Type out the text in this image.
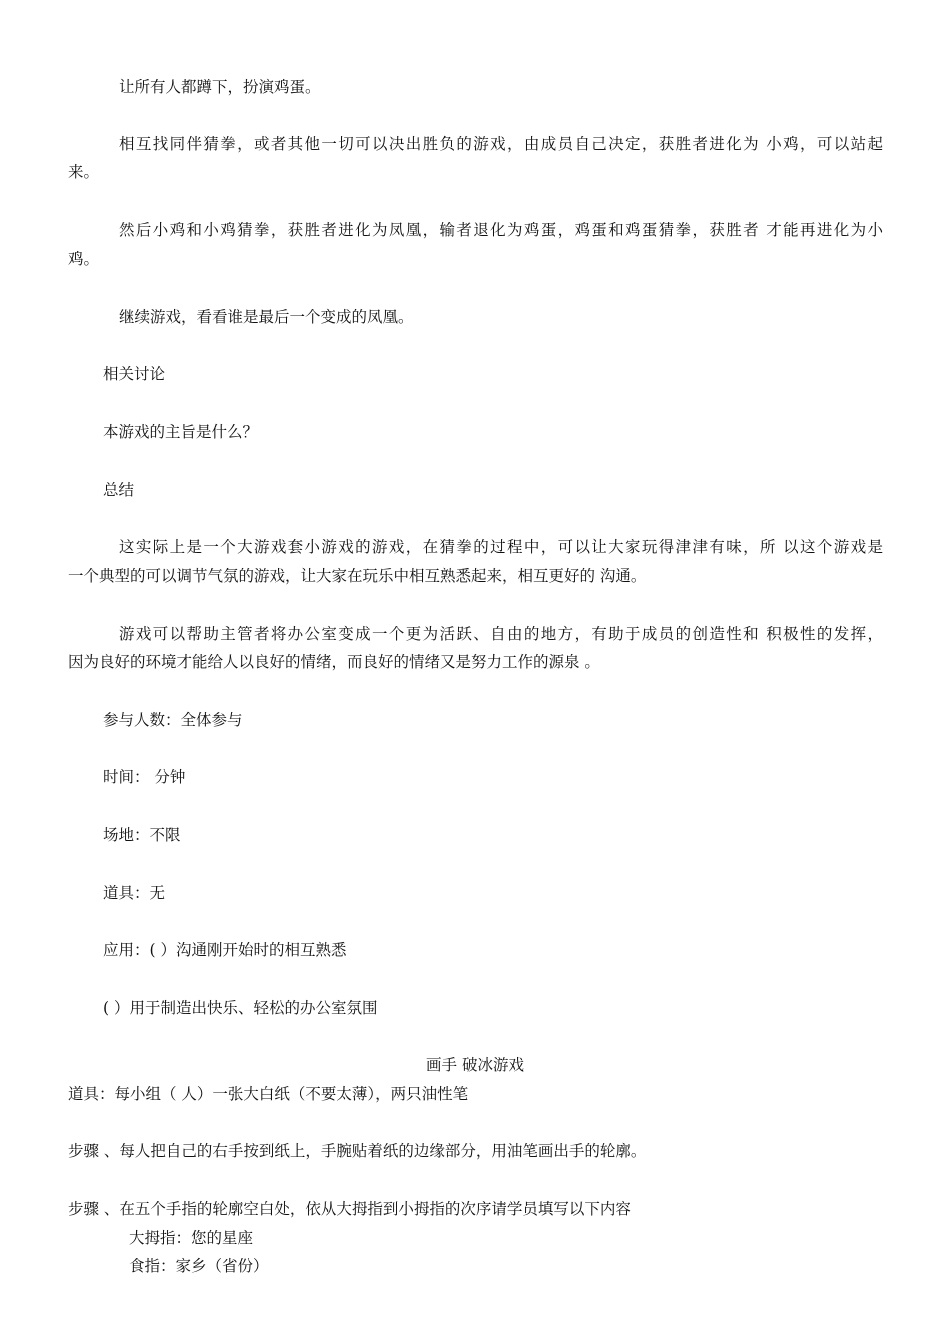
让所有人都蹲下，扮演鸡蛋。
相互找同伴猜拳，或者其他一切可以决出胜负的游戏，由成员自己决定，获胜者进化为 小鸡，可以站起
来。
然后小鸡和小鸡猜拳，获胜者进化为凤凰，输者退化为鸡蛋，鸡蛋和鸡蛋猜拳，获胜者 才能再进化为小
鸡。
继续游戏，看看谁是最后一个变成的凤凰。
相关讨论
本游戏的主旨是什么？
总结
这实际上是一个大游戏套小游戏的游戏，在猜拳的过程中，可以让大家玩得津津有味，所 以这个游戏是
一个典型的可以调节气氛的游戏，让大家在玩乐中相互熟悉起来，相互更好的 沟通。
游戏可以帮助主管者将办公室变成一个更为活跃、自由的地方，有助于成员的创造性和 积极性的发挥，
因为良好的环境才能给人以良好的情绪，而良好的情绪又是努力工作的源泉 。
参与人数：全体参与
时间： 分钟
场地：不限
道具：无
应用：( ）沟通刚开始时的相互熟悉
( ）用于制造出快乐、轻松的办公室氛围
画手 破冰游戏
道具：每小组（ 人）一张大白纸（不要太薄），两只油性笔
步骤 、每人把自己的右手按到纸上，手腕贴着纸的边缘部分，用油笔画出手的轮廓。
步骤 、在五个手指的轮廓空白处，依从大拇指到小拇指的次序请学员填写以下内容
大拇指：您的星座
食指：家乡（省份）
